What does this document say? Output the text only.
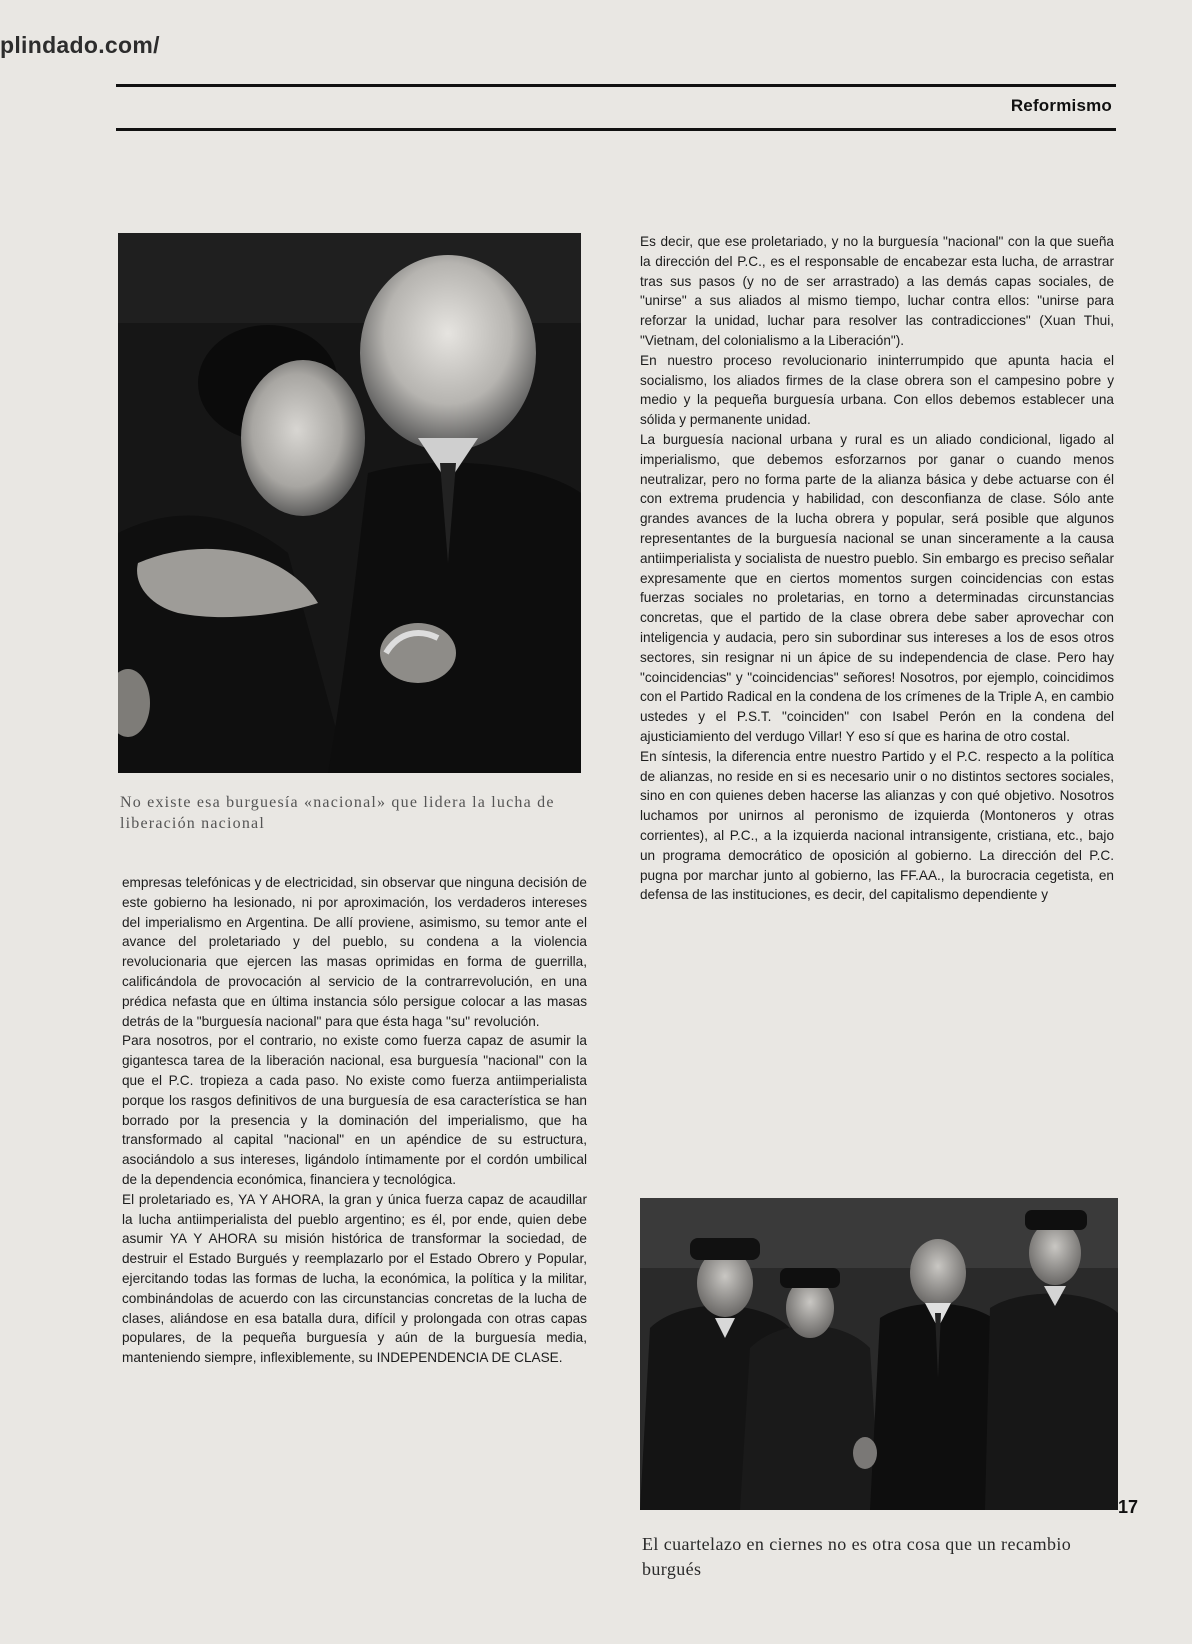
plindado.com/
Reformismo

No existe esa burguesía «nacional» que lidera la lucha de liberación nacional

empresas telefónicas y de electricidad, sin observar que ninguna decisión de este gobierno ha lesionado, ni por aproximación, los verdaderos intereses del imperialismo en Argentina. De allí proviene, asimismo, su temor ante el avance del proletariado y del pueblo, su condena a la violencia revolucionaria que ejercen las masas oprimidas en forma de guerrilla, calificándola de provocación al servicio de la contrarrevolución, en una prédica nefasta que en última instancia sólo persigue colocar a las masas detrás de la "burguesía nacional" para que ésta haga "su" revolución.

Para nosotros, por el contrario, no existe como fuerza capaz de asumir la gigantesca tarea de la liberación nacional, esa burguesía "nacional" con la que el P.C. tropieza a cada paso. No existe como fuerza antiimperialista porque los rasgos definitivos de una burguesía de esa característica se han borrado por la presencia y la dominación del imperialismo, que ha transformado al capital "nacional" en un apéndice de su estructura, asociándolo a sus intereses, ligándolo íntimamente por el cordón umbilical de la dependencia económica, financiera y tecnológica.

El proletariado es, YA Y AHORA, la gran y única fuerza capaz de acaudillar la lucha antiimperialista del pueblo argentino; es él, por ende, quien debe asumir YA Y AHORA su misión histórica de transformar la sociedad, de destruir el Estado Burgués y reemplazarlo por el Estado Obrero y Popular, ejercitando todas las formas de lucha, la económica, la política y la militar, combinándolas de acuerdo con las circunstancias concretas de la lucha de clases, aliándose en esa batalla dura, difícil y prolongada con otras capas populares, de la pequeña burguesía y aún de la burguesía media, manteniendo siempre, inflexiblemente, su INDEPENDENCIA DE CLASE.

Es decir, que ese proletariado, y no la burguesía "nacional" con la que sueña la dirección del P.C., es el responsable de encabezar esta lucha, de arrastrar tras sus pasos (y no de ser arrastrado) a las demás capas sociales, de "unirse" a sus aliados al mismo tiempo, luchar contra ellos: "unirse para reforzar la unidad, luchar para resolver las contradicciones" (Xuan Thui, "Vietnam, del colonialismo a la Liberación").

En nuestro proceso revolucionario ininterrumpido que apunta hacia el socialismo, los aliados firmes de la clase obrera son el campesino pobre y medio y la pequeña burguesía urbana. Con ellos debemos establecer una sólida y permanente unidad.

La burguesía nacional urbana y rural es un aliado condicional, ligado al imperialismo, que debemos esforzarnos por ganar o cuando menos neutralizar, pero no forma parte de la alianza básica y debe actuarse con él con extrema prudencia y habilidad, con desconfianza de clase. Sólo ante grandes avances de la lucha obrera y popular, será posible que algunos representantes de la burguesía nacional se unan sinceramente a la causa antiimperialista y socialista de nuestro pueblo. Sin embargo es preciso señalar expresamente que en ciertos momentos surgen coincidencias con estas fuerzas sociales no proletarias, en torno a determinadas circunstancias concretas, que el partido de la clase obrera debe saber aprovechar con inteligencia y audacia, pero sin subordinar sus intereses a los de esos otros sectores, sin resignar ni un ápice de su independencia de clase. Pero hay "coincidencias" y "coincidencias" señores! Nosotros, por ejemplo, coincidimos con el Partido Radical en la condena de los crímenes de la Triple A, en cambio ustedes y el P.S.T. "coinciden" con Isabel Perón en la condena del ajusticiamiento del verdugo Villar! Y eso sí que es harina de otro costal.

En síntesis, la diferencia entre nuestro Partido y el P.C. respecto a la política de alianzas, no reside en si es necesario unir o no distintos sectores sociales, sino en con quienes deben hacerse las alianzas y con qué objetivo. Nosotros luchamos por unirnos al peronismo de izquierda (Montoneros y otras corrientes), al P.C., a la izquierda nacional intransigente, cristiana, etc., bajo un programa democrático de oposición al gobierno. La dirección del P.C. pugna por marchar junto al gobierno, las FF.AA., la burocracia cegetista, en defensa de las instituciones, es decir, del capitalismo dependiente y

El cuartelazo en ciernes no es otra cosa que un recambio burgués
17
